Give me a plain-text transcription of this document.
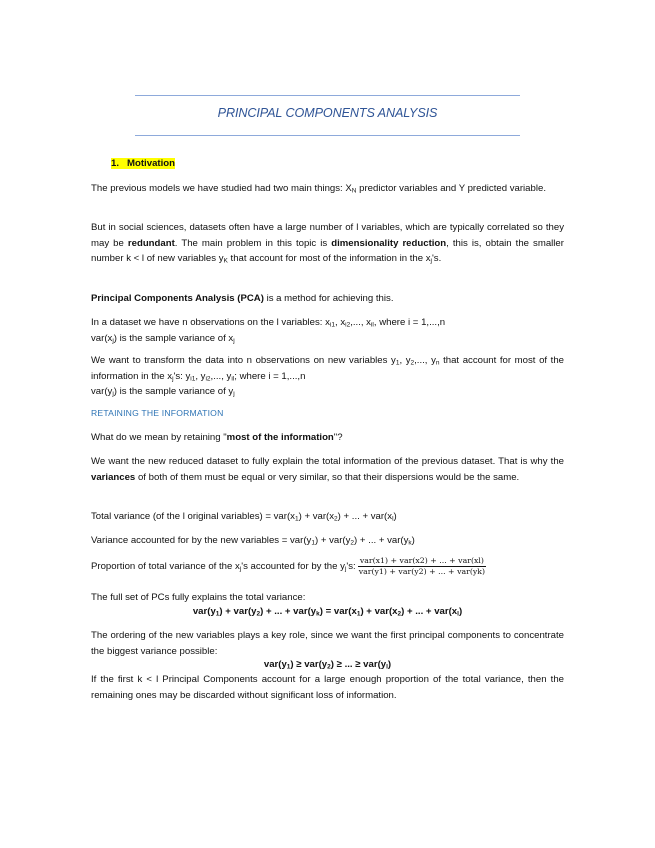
PRINCIPAL COMPONENTS ANALYSIS
1. Motivation
The previous models we have studied had two main things: $X_N$ predictor variables and Y predicted variable.
But in social sciences, datasets often have a large number of l variables, which are typically correlated so they may be redundant. The main problem in this topic is dimensionality reduction, this is, obtain the smaller number k < l of new variables $y_K$ that account for most of the information in the $x_j's$.
Principal Components Analysis (PCA) is a method for achieving this.
In a dataset we have n observations on the l variables: $x_{i1}$, $x_{i2}$,..., $x_{il}$, where i = 1,...,n
$var(x_j)$ is the sample variance of $x_j$
We want to transform the data into n observations on new variables $y_1$, $y_2$,..., $y_n$ that account for most of the information in the $x_j's$: $y_{i1}$, $y_{i2}$,..., $y_{il}$; where i = 1,...,n
$var(y_j)$ is the sample variance of $y_j$
RETAINING THE INFORMATION
What do we mean by retaining "most of the information"?
We want the new reduced dataset to fully explain the total information of the previous dataset. That is why the variances of both of them must be equal or very similar, so that their dispersions would be the same.
Total variance (of the l original variables) = $var(x_1) + var(x_2)$ + ... + $var(x_l)$
Variance accounted for by the new variables = $var(y_1) + var(y_2)$ + ... + $var(y_k)$
Proportion of total variance of the $x_j's$ accounted for by the $y_j's$: $\frac{\text{var(x1) + var(x2) + ... + var(xl)}}{\text{var(y1) + var(y2) + ... + var(yk)}}$
The full set of PCs fully explains the total variance:
$var(y_1) + var(y_2)$ + ... + $var(y_k) = var(x_1) + var(x_2)$ + ... + $var(x_l)$
The ordering of the new variables plays a key role, since we want the first principal components to concentrate the biggest variance possible:
$var(y_1) \ge var(y_2)$ ≥ ... ≥ $var(y_l)$
If the first k < l Principal Components account for a large enough proportion of the total variance, then the remaining ones may be discarded without significant loss of information.
